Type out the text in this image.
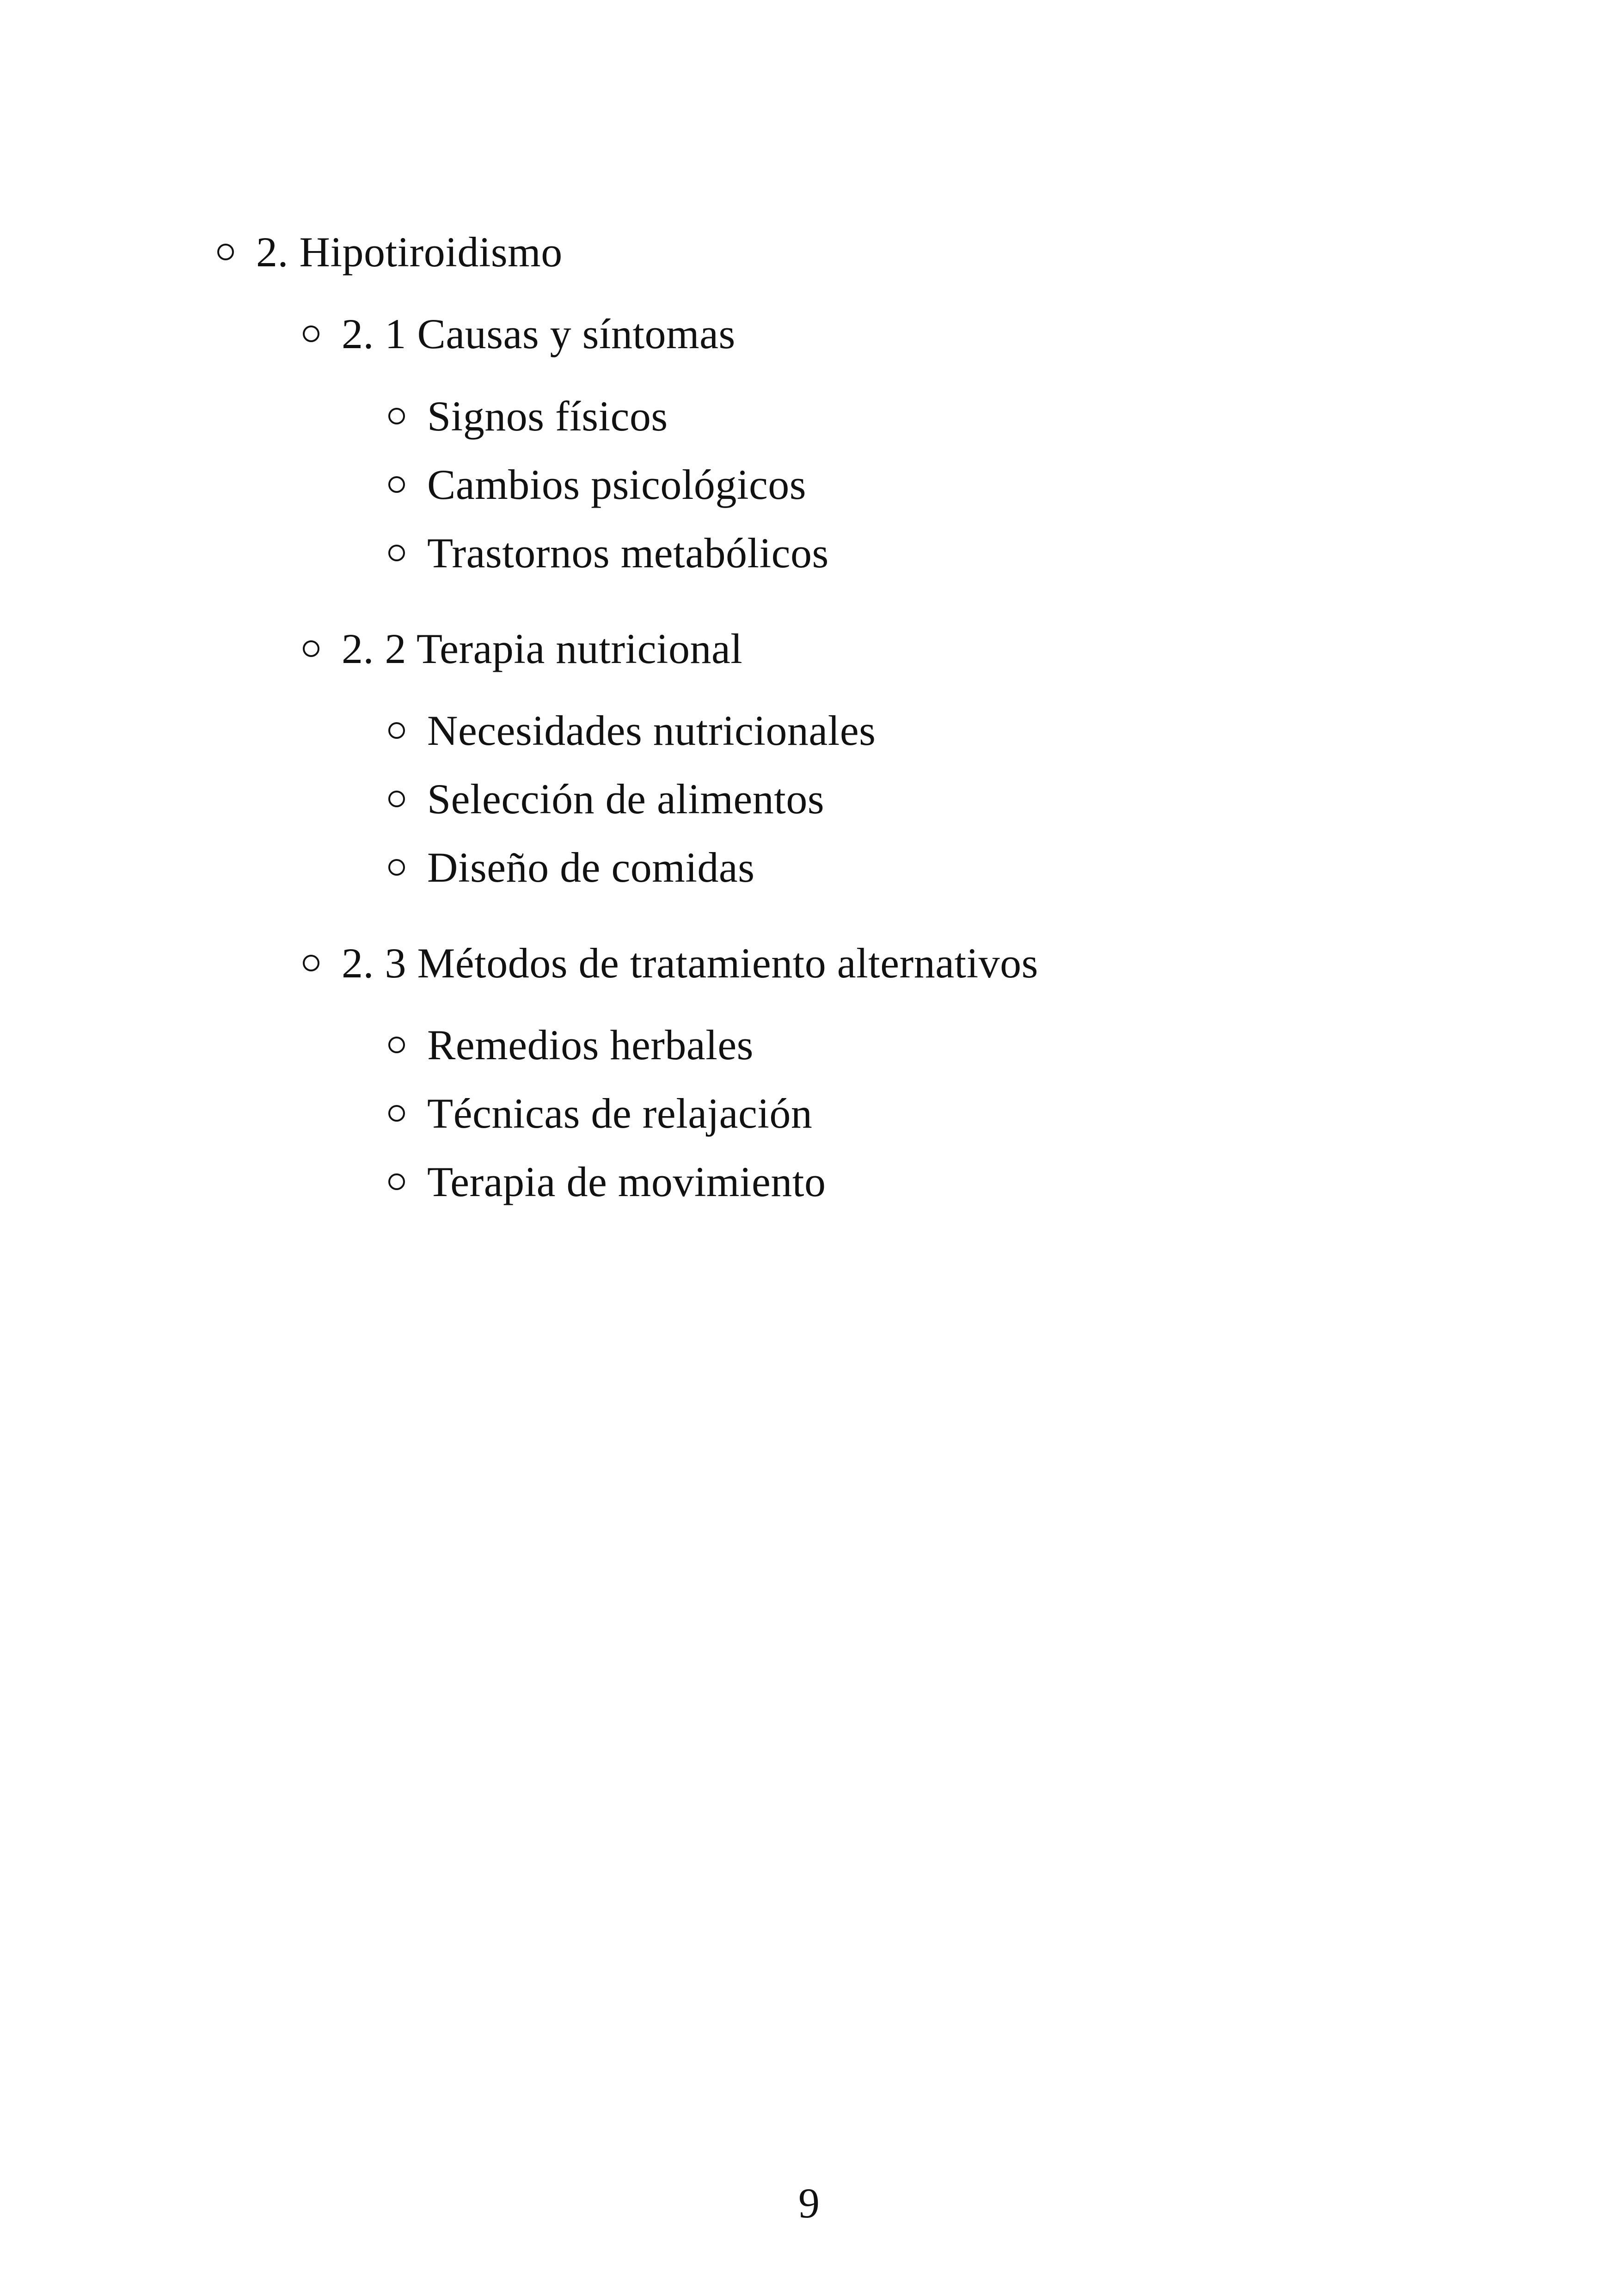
2. Hipotiroidismo
2. 1 Causas y síntomas
Signos físicos
Cambios psicológicos
Trastornos metabólicos
2. 2 Terapia nutricional
Necesidades nutricionales
Selección de alimentos
Diseño de comidas
2. 3 Métodos de tratamiento alternativos
Remedios herbales
Técnicas de relajación
Terapia de movimiento
9
